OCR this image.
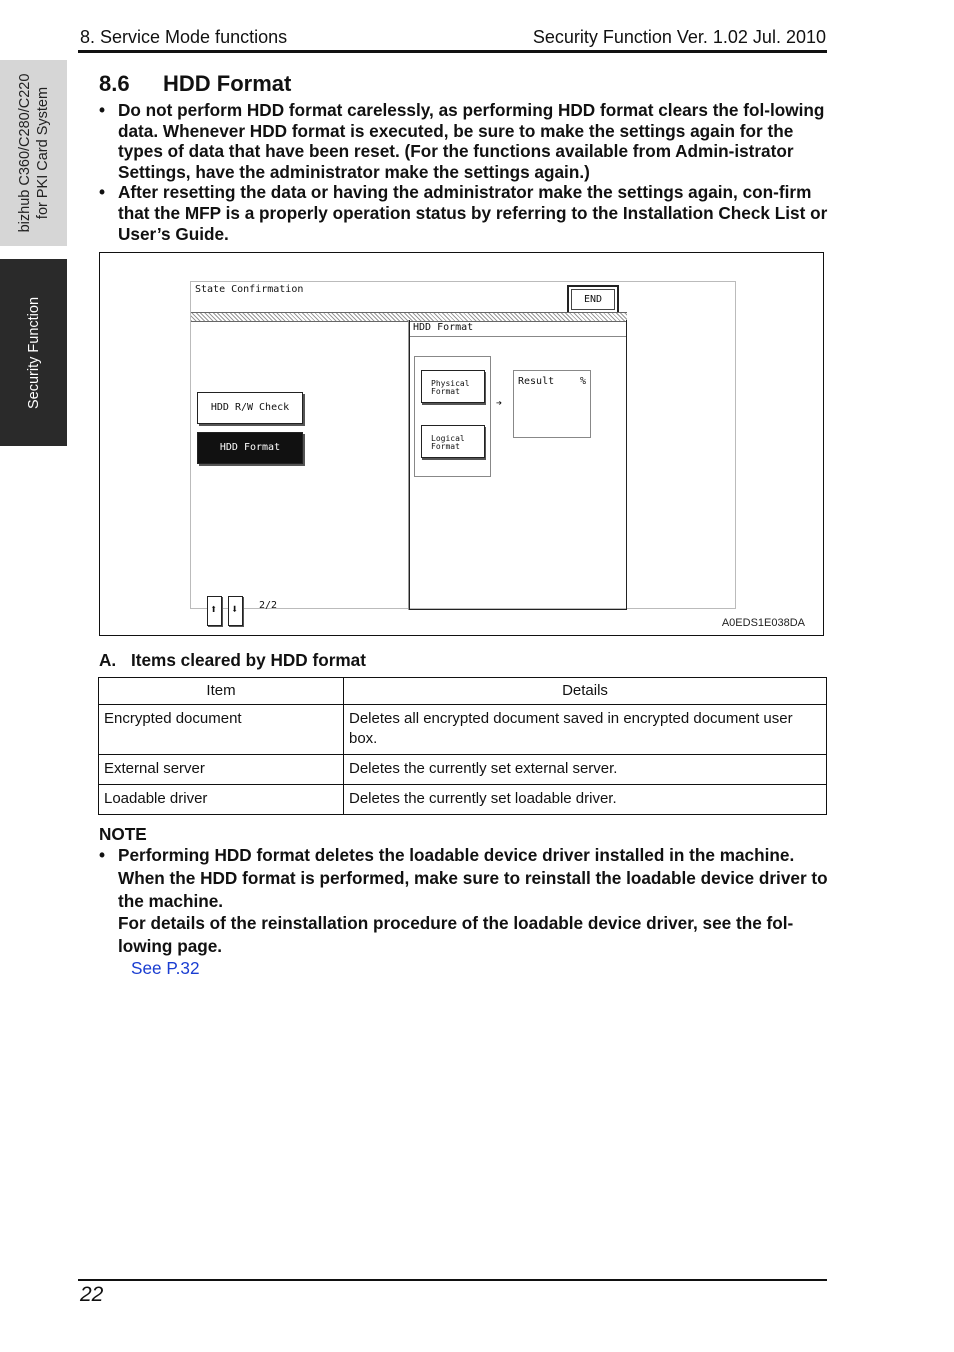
8. Service Mode functions	Security Function Ver. 1.02 Jul. 2010
bizhub C360/C280/C220 for PKI Card System
Security Function
8.6 HDD Format
• Do not perform HDD format carelessly, as performing HDD format clears the fol-lowing data. Whenever HDD format is executed, be sure to make the settings again for the types of data that have been reset. (For the functions available from Admin-istrator Settings, have the administrator make the settings again.)
• After resetting the data or having the administrator make the settings again, con-firm that the MFP is a properly operation status by referring to the Installation Check List or User’s Guide.
State Confirmation
END
HDD R/W Check
HDD Format
⬆ ⬇ 2/2
HDD Format
Physical
Format
Logical
Format
➔
Result	%
A0EDS1E038DA
A. Items cleared by HDD format
Item	Details
Encrypted document	Deletes all encrypted document saved in encrypted document user box.
External server	Deletes the currently set external server.
Loadable driver	Deletes the currently set loadable driver.
NOTE
• Performing HDD format deletes the loadable device driver installed in the machine.
When the HDD format is performed, make sure to reinstall the loadable device driver to the machine.
For details of the reinstallation procedure of the loadable device driver, see the fol-lowing page.
See P.32
22
